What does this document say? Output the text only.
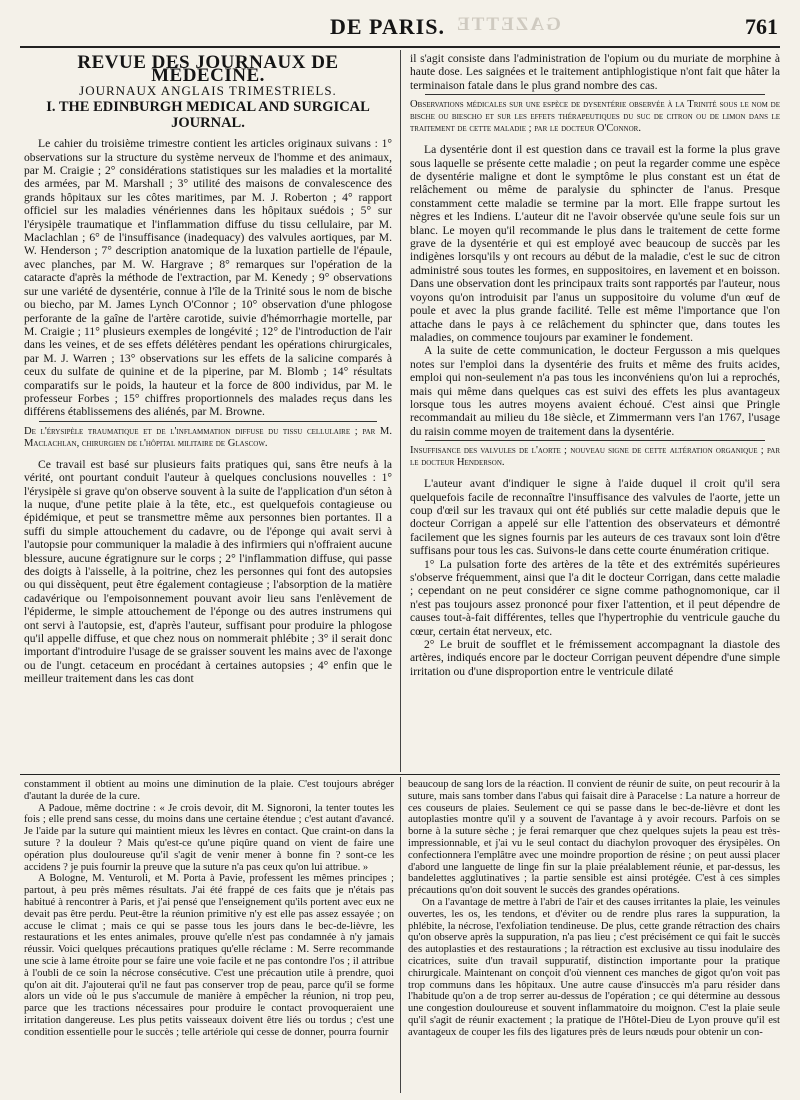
GAZETTE
DE PARIS.	761
REVUE DES JOURNAUX DE MÉDECINE.
JOURNAUX ANGLAIS TRIMESTRIELS.
I. THE EDINBURGH MEDICAL AND SURGICAL JOURNAL.

Le cahier du troisième trimestre contient les articles originaux suivans : 1° observations sur la structure du système nerveux de l'homme et des animaux, par M. Craigie ; 2° considérations statistiques sur les maladies et la mortalité des armées, par M. Marshall ; 3° utilité des maisons de convalescence des grands hôpitaux sur les côtes maritimes, par M. J. Roberton ; 4° rapport officiel sur les maladies vénériennes dans les hôpitaux suédois ; 5° sur l'érysipèle traumatique et l'inflammation diffuse du tissu cellulaire, par M. Maclachlan ; 6° de l'insuffisance (inadequacy) des valvules aortiques, par M. W. Henderson ; 7° description anatomique de la luxation partielle de l'épaule, avec planches, par M. W. Hargrave ; 8° remarques sur l'opération de la cataracte d'après la méthode de l'extraction, par M. Kenedy ; 9° observations sur une variété de dysentérie, connue à l'île de la Trinité sous le nom de bische ou biecho, par M. James Lynch O'Connor ; 10° observation d'une phlogose perforante de la gaîne de l'artère carotide, suivie d'hémorrhagie mortelle, par M. Craigie ; 11° plusieurs exemples de longévité ; 12° de l'introduction de l'air dans les veines, et de ses effets délétères pendant les opérations chirurgicales, par M. J. Warren ; 13° observations sur les effets de la salicine comparés à ceux du sulfate de quinine et de la piperine, par M. Blomb ; 14° résultats comparatifs sur le poids, la hauteur et la force de 800 individus, par M. le professeur Forbes ; 15° chiffres proportionnels des malades reçus dans les différens établissemens des aliénés, par M. Browne.

De l'érysipèle traumatique et de l'inflammation diffuse du tissu cellulaire ; par M. Maclachlan, chirurgien de l'hôpital militaire de Glascow.

Ce travail est basé sur plusieurs faits pratiques qui, sans être neufs à la vérité, ont pourtant conduit l'auteur à quelques conclusions nouvelles : 1° l'érysipèle si grave qu'on observe souvent à la suite de l'application d'un séton à la nuque, d'une petite plaie à la tête, etc., est quelquefois contagieuse ou épidémique, et peut se transmettre même aux personnes bien portantes. Il a suffi du simple attouchement du cadavre, ou de l'éponge qui avait servi à l'autopsie pour communiquer la maladie à des infirmiers qui n'offraient aucune blessure, aucune égratignure sur le corps ; 2° l'inflammation diffuse, qui passe des doigts à l'aisselle, à la poitrine, chez les personnes qui font des autopsies ou qui dissèquent, peut être également contagieuse ; l'absorption de la matière cadavérique ou l'empoisonnement pouvant avoir lieu sans l'enlèvement de l'épiderme, le simple attouchement de l'éponge ou des autres instrumens qui ont servi à l'autopsie, est, d'après l'auteur, suffisant pour produire la phlogose qu'il appelle diffuse, et que chez nous on nommerait phlébite ; 3° il serait donc important d'introduire l'usage de se graisser souvent les mains avec de l'axonge ou de l'ungt. cetaceum en procédant à certaines autopsies ; 4° enfin que le meilleur traitement dans les cas dont

il s'agit consiste dans l'administration de l'opium ou du muriate de morphine à haute dose. Les saignées et le traitement antiphlogistique n'ont fait que hâter la terminaison fatale dans le plus grand nombre des cas.

Observations médicales sur une espèce de dysentérie observée à la Trinité sous le nom de bische ou biescho et sur les effets thérapeutiques du suc de citron ou de limon dans le traitement de cette maladie ; par le docteur O'Connor.

La dysentérie dont il est question dans ce travail est la forme la plus grave sous laquelle se présente cette maladie ; on peut la regarder comme une espèce de dysentérie maligne et dont le symptôme le plus constant est un état de relâchement ou même de paralysie du sphincter de l'anus. Presque constamment cette maladie se termine par la mort. Elle frappe surtout les nègres et les Indiens. L'auteur dit ne l'avoir observée qu'une seule fois sur un blanc. Le moyen qu'il recommande le plus dans le traitement de cette forme grave de la dysentérie et qui est employé avec beaucoup de succès par les indigènes lorsqu'ils y ont recours au début de la maladie, c'est le suc de citron administré sous toutes les formes, en suppositoires, en lavement et en boisson. Dans une observation dont les principaux traits sont rapportés par l'auteur, nous voyons qu'on introduisit par l'anus un suppositoire du volume d'un œuf de poule et avec la plus grande facilité. Telle est même l'importance que l'on attache dans le pays à ce relâchement du sphincter que, dans toutes les maladies, on commence toujours par examiner le fondement.

A la suite de cette communication, le docteur Fergusson a mis quelques notes sur l'emploi dans la dysentérie des fruits et même des fruits acides, emploi qui non-seulement n'a pas tous les inconvéniens qu'on lui a reprochés, mais qui même dans quelques cas est suivi des effets les plus avantageux lorsque tous les autres moyens avaient échoué. C'est ainsi que Pringle recommandait au milieu du 18e siècle, et Zimmermann vers l'an 1767, l'usage du raisin comme moyen de traitement dans la dysentérie.

Insuffisance des valvules de l'aorte ; nouveau signe de cette altération organique ; par le docteur Henderson.

L'auteur avant d'indiquer le signe à l'aide duquel il croit qu'il sera quelquefois facile de reconnaître l'insuffisance des valvules de l'aorte, jette un coup d'œil sur les travaux qui ont été publiés sur cette maladie depuis que le docteur Corrigan a appelé sur elle l'attention des observateurs et démontré facilement que les signes fournis par les auteurs de ces travaux sont loin d'être suffisans pour tous les cas. Suivons-le dans cette courte énumération critique.

1° La pulsation forte des artères de la tête et des extrémités supérieures s'observe fréquemment, ainsi que l'a dit le docteur Corrigan, dans cette maladie ; cependant on ne peut considérer ce signe comme pathognomonique, car il n'est pas toujours assez prononcé pour fixer l'attention, et il peut dépendre de causes tout-à-fait différentes, telles que l'hypertrophie du ventricule gauche du cœur, certain état nerveux, etc.

2° Le bruit de soufflet et le frémissement accompagnant la diastole des artères, indiqués encore par le docteur Corrigan peuvent dépendre d'une simple irritation ou d'une disproportion entre le ventricule dilaté

constamment il obtient au moins une diminution de la plaie. C'est toujours abréger d'autant la durée de la cure.

A Padoue, même doctrine : « Je crois devoir, dit M. Signoroni, la tenter toutes les fois ; elle prend sans cesse, du moins dans une certaine étendue ; c'est autant d'avancé. Je l'aide par la suture qui maintient mieux les lèvres en contact. Que craint-on dans la suture ? la douleur ? Mais qu'est-ce qu'une piqûre quand on vient de faire une opération plus douloureuse qu'il s'agit de venir mener à bonne fin ? sont-ce les accidens ? je puis fournir la preuve que la suture n'a pas ceux qu'on lui attribue. »

A Bologne, M. Venturoli, et M. Porta à Pavie, professent les mêmes principes ; partout, à peu près mêmes résultats. J'ai été frappé de ces faits que je n'étais pas habitué à rencontrer à Paris, et j'ai pensé que l'enseignement qu'ils portent avec eux ne devait pas être perdu. Peut-être la réunion primitive n'y est elle pas assez essayée ; on accuse le climat ; mais ce qui se passe tous les jours dans le bec-de-lièvre, les restaurations et les entes animales, prouve qu'elle n'est pas condamnée à n'y jamais réussir. Voici quelques précautions pratiques qu'elle réclame : M. Serre recommande une scie à lame étroite pour se faire une voie facile et ne pas contondre l'os ; il attribue à l'oubli de ce soin la nécrose consécutive. C'est une précaution utile à prendre, quoi qu'on ait dit. J'ajouterai qu'il ne faut pas conserver trop de peau, parce qu'il se forme alors un vide où le pus s'accumule de manière à empêcher la réunion, ni trop peu, parce que les tractions nécessaires pour produire le contact provoqueraient une irritation dangereuse. Les plus petits vaisseaux doivent être liés ou tordus ; c'est une condition essentielle pour le succès ; telle artériole qui cesse de donner, pourra fournir

beaucoup de sang lors de la réaction. Il convient de réunir de suite, on peut recourir à la suture, mais sans tomber dans l'abus qui faisait dire à Paracelse : La nature a horreur de ces couseurs de plaies. Seulement ce qui se passe dans le bec-de-lièvre et dont les autoplasties montre qu'il y a souvent de l'avantage à y avoir recours. Parfois on se borne à la suture sèche ; je ferai remarquer que chez quelques sujets la peau est très-impressionnable, et j'ai vu le seul contact du diachylon provoquer des érysipèles. On confectionnera l'emplâtre avec une moindre proportion de résine ; on peut aussi placer d'abord une languette de linge fin sur la plaie préalablement réunie, et par-dessus, les bandelettes agglutinatives ; la partie sensible est ainsi protégée. C'est à ces simples précautions qu'on doit souvent le succès des grandes opérations.

On a l'avantage de mettre à l'abri de l'air et des causes irritantes la plaie, les veinules ouvertes, les os, les tendons, et d'éviter ou de rendre plus rares la suppuration, la phlébite, la nécrose, l'exfoliation tendineuse. De plus, cette grande rétraction des chairs qu'on observe après la suppuration, n'a pas lieu ; c'est précisément ce qui fait le succès des autoplasties et des restaurations ; la rétraction est exclusive au tissu inodulaire des cicatrices, suite d'un travail suppuratif, distinction importante pour la pratique chirurgicale. Maintenant on conçoit d'où viennent ces manches de gigot qu'on voit pas trop communs dans les hôpitaux. Une autre cause d'insuccès m'a paru résider dans l'habitude qu'on a de trop serrer au-dessus de l'opération ; ce qui détermine au dessous une congestion douloureuse et souvent inflammatoire du moignon. C'est la plaie seule qu'il s'agit de réunir exactement ; la pratique de l'Hôtel-Dieu de Lyon prouve qu'il est avantageux de couper les fils des ligatures près de leurs nœuds pour obtenir un con-
